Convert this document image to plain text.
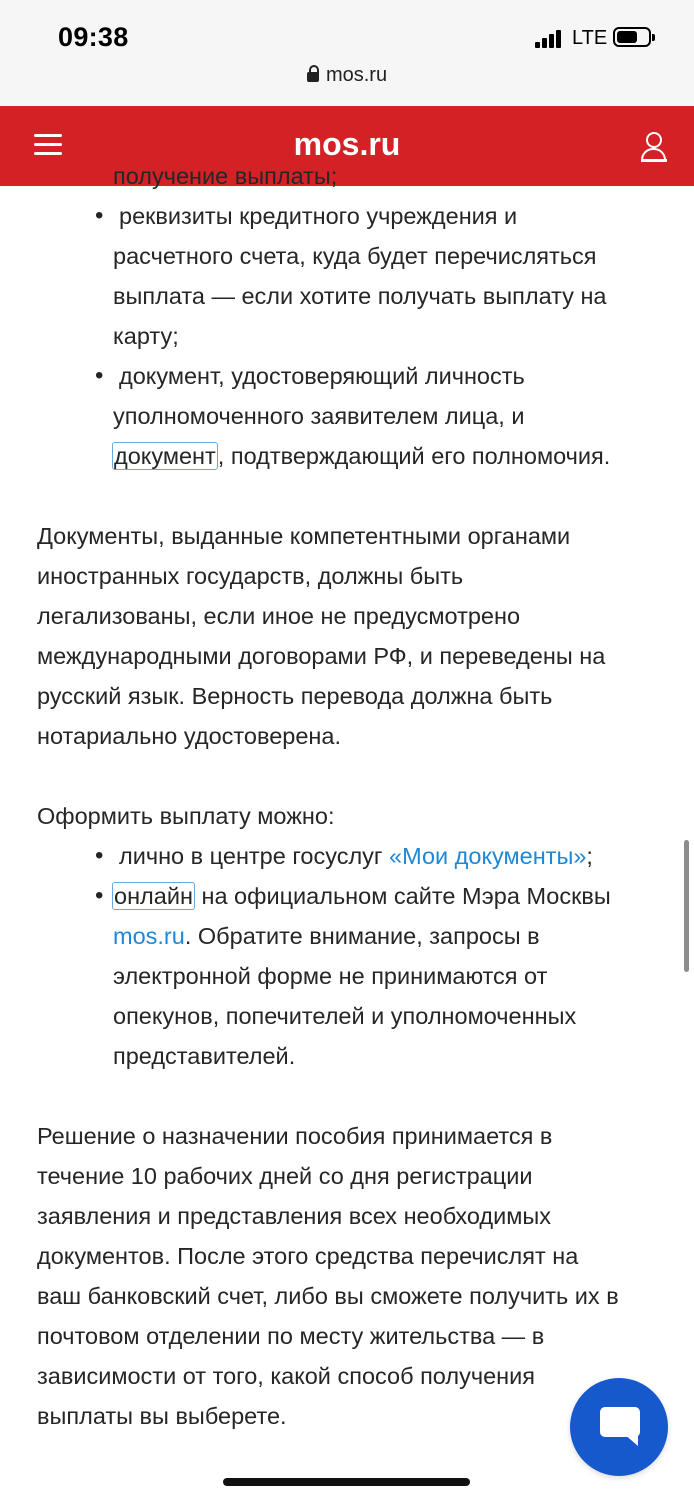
09:38	LTE
mos.ru
mos.ru
получение выплаты;
• реквизиты кредитного учреждения и
расчетного счета, куда будет перечисляться
выплата — если хотите получать выплату на
карту;
• документ, удостоверяющий личность
уполномоченного заявителем лица, и
документ, подтверждающий его полномочия.
Документы, выданные компетентными органами
иностранных государств, должны быть
легализованы, если иное не предусмотрено
международными договорами РФ, и переведены на
русский язык. Верность перевода должна быть
нотариально удостоверена.
Оформить выплату можно:
• лично в центре госуслуг «Мои документы»;
• онлайн на официальном сайте Мэра Москвы
mos.ru. Обратите внимание, запросы в
электронной форме не принимаются от
опекунов, попечителей и уполномоченных
представителей.
Решение о назначении пособия принимается в
течение 10 рабочих дней со дня регистрации
заявления и представления всех необходимых
документов. После этого средства перечислят на
ваш банковский счет, либо вы сможете получить их в
почтовом отделении по месту жительства — в
зависимости от того, какой способ получения
выплаты вы выберете.
